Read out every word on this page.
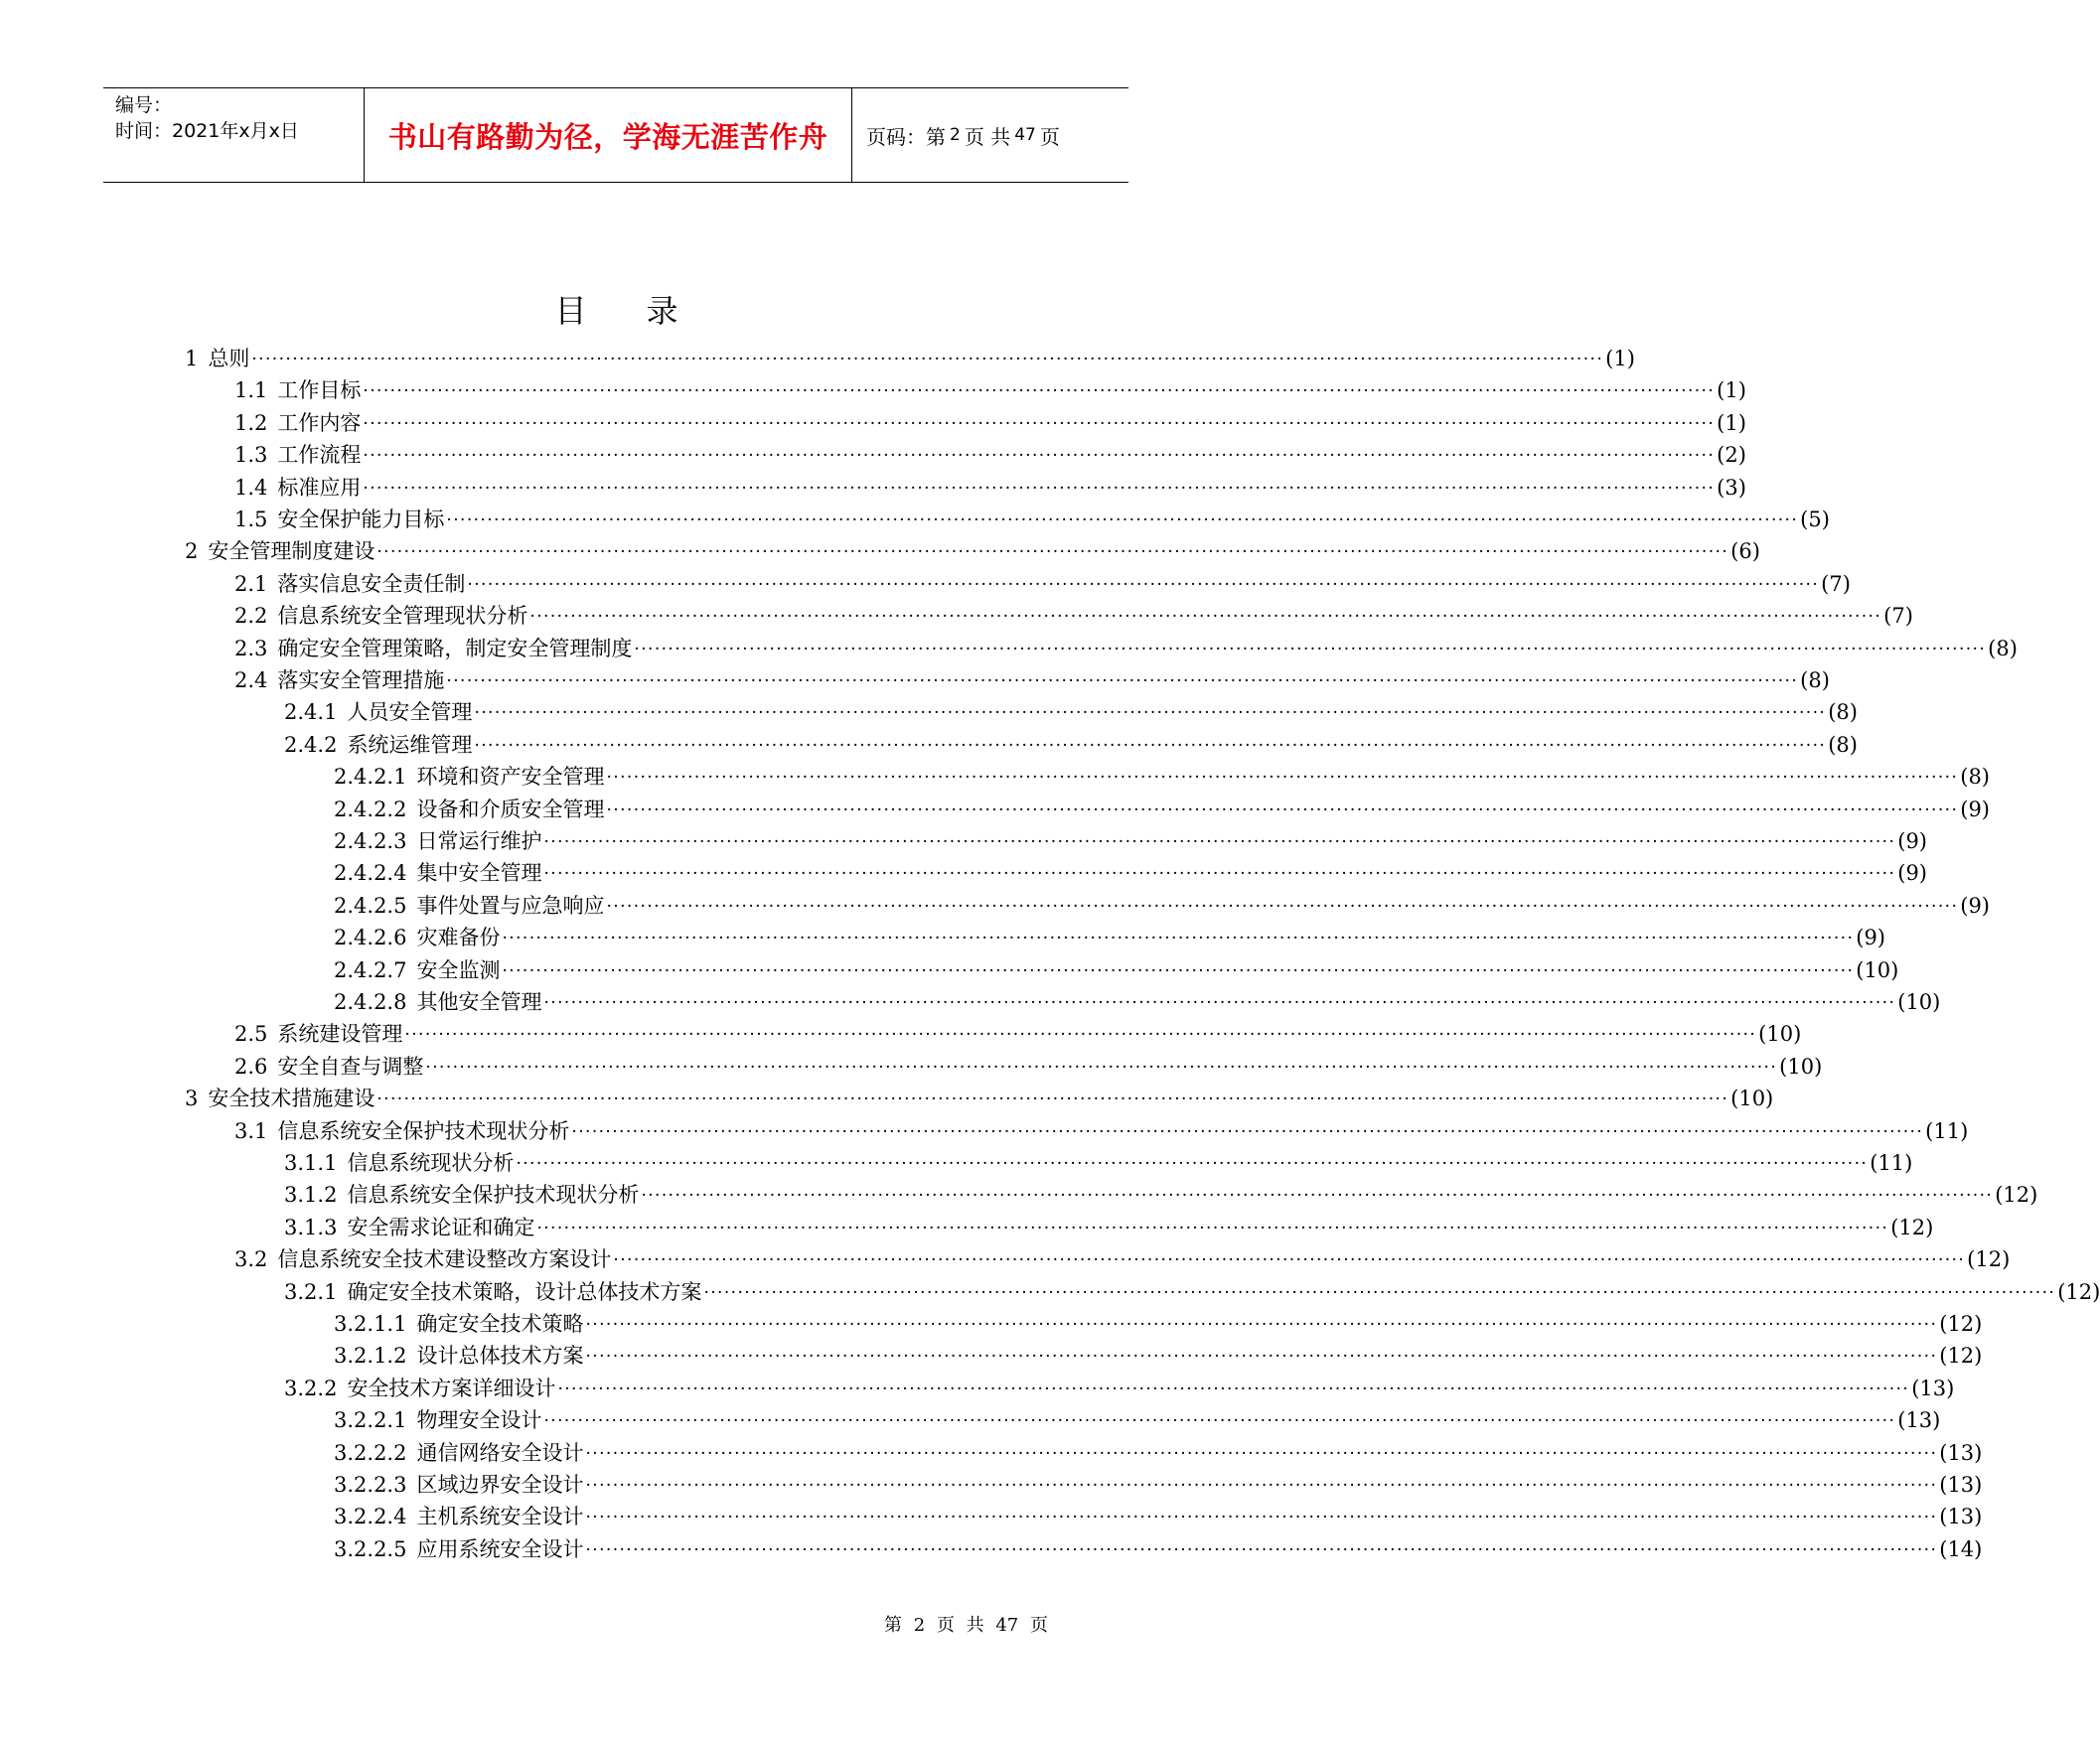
编号：
时间：2021年x月x日	书山有路勤为径，学海无涯苦作舟 页码：第 2 页 共 47 页
目录
1 总则 ········································································································································································································ (1)
1.1 工作目标 ········································································································································································································ (1)
1.2 工作内容 ········································································································································································································ (1)
1.3 工作流程 ········································································································································································································ (2)
1.4 标准应用 ········································································································································································································ (3)
1.5 安全保护能力目标 ········································································································································································································ (5)
2 安全管理制度建设 ········································································································································································································ (6)
2.1 落实信息安全责任制 ········································································································································································································ (7)
2.2 信息系统安全管理现状分析 ········································································································································································································ (7)
2.3 确定安全管理策略，制定安全管理制度 ········································································································································································································ (8)
2.4 落实安全管理措施 ········································································································································································································ (8)
2.4.1 人员安全管理 ········································································································································································································ (8)
2.4.2 系统运维管理 ········································································································································································································ (8)
2.4.2.1 环境和资产安全管理 ········································································································································································································ (8)
2.4.2.2 设备和介质安全管理 ········································································································································································································ (9)
2.4.2.3 日常运行维护 ········································································································································································································ (9)
2.4.2.4 集中安全管理 ········································································································································································································ (9)
2.4.2.5 事件处置与应急响应 ········································································································································································································ (9)
2.4.2.6 灾难备份 ········································································································································································································ (9)
2.4.2.7 安全监测 ········································································································································································································ (10)
2.4.2.8 其他安全管理 ········································································································································································································ (10)
2.5 系统建设管理 ········································································································································································································ (10)
2.6 安全自查与调整 ········································································································································································································ (10)
3 安全技术措施建设 ········································································································································································································ (10)
3.1 信息系统安全保护技术现状分析 ········································································································································································································ (11)
3.1.1 信息系统现状分析 ········································································································································································································ (11)
3.1.2 信息系统安全保护技术现状分析 ········································································································································································································ (12)
3.1.3 安全需求论证和确定 ········································································································································································································ (12)
3.2 信息系统安全技术建设整改方案设计 ········································································································································································································ (12)
3.2.1 确定安全技术策略，设计总体技术方案 ········································································································································································································ (12)
3.2.1.1 确定安全技术策略 ········································································································································································································ (12)
3.2.1.2 设计总体技术方案 ········································································································································································································ (12)
3.2.2 安全技术方案详细设计 ········································································································································································································ (13)
3.2.2.1 物理安全设计 ········································································································································································································ (13)
3.2.2.2 通信网络安全设计 ········································································································································································································ (13)
3.2.2.3 区域边界安全设计 ········································································································································································································ (13)
3.2.2.4 主机系统安全设计 ········································································································································································································ (13)
3.2.2.5 应用系统安全设计 ········································································································································································································ (14)
第 2 页 共 47 页
